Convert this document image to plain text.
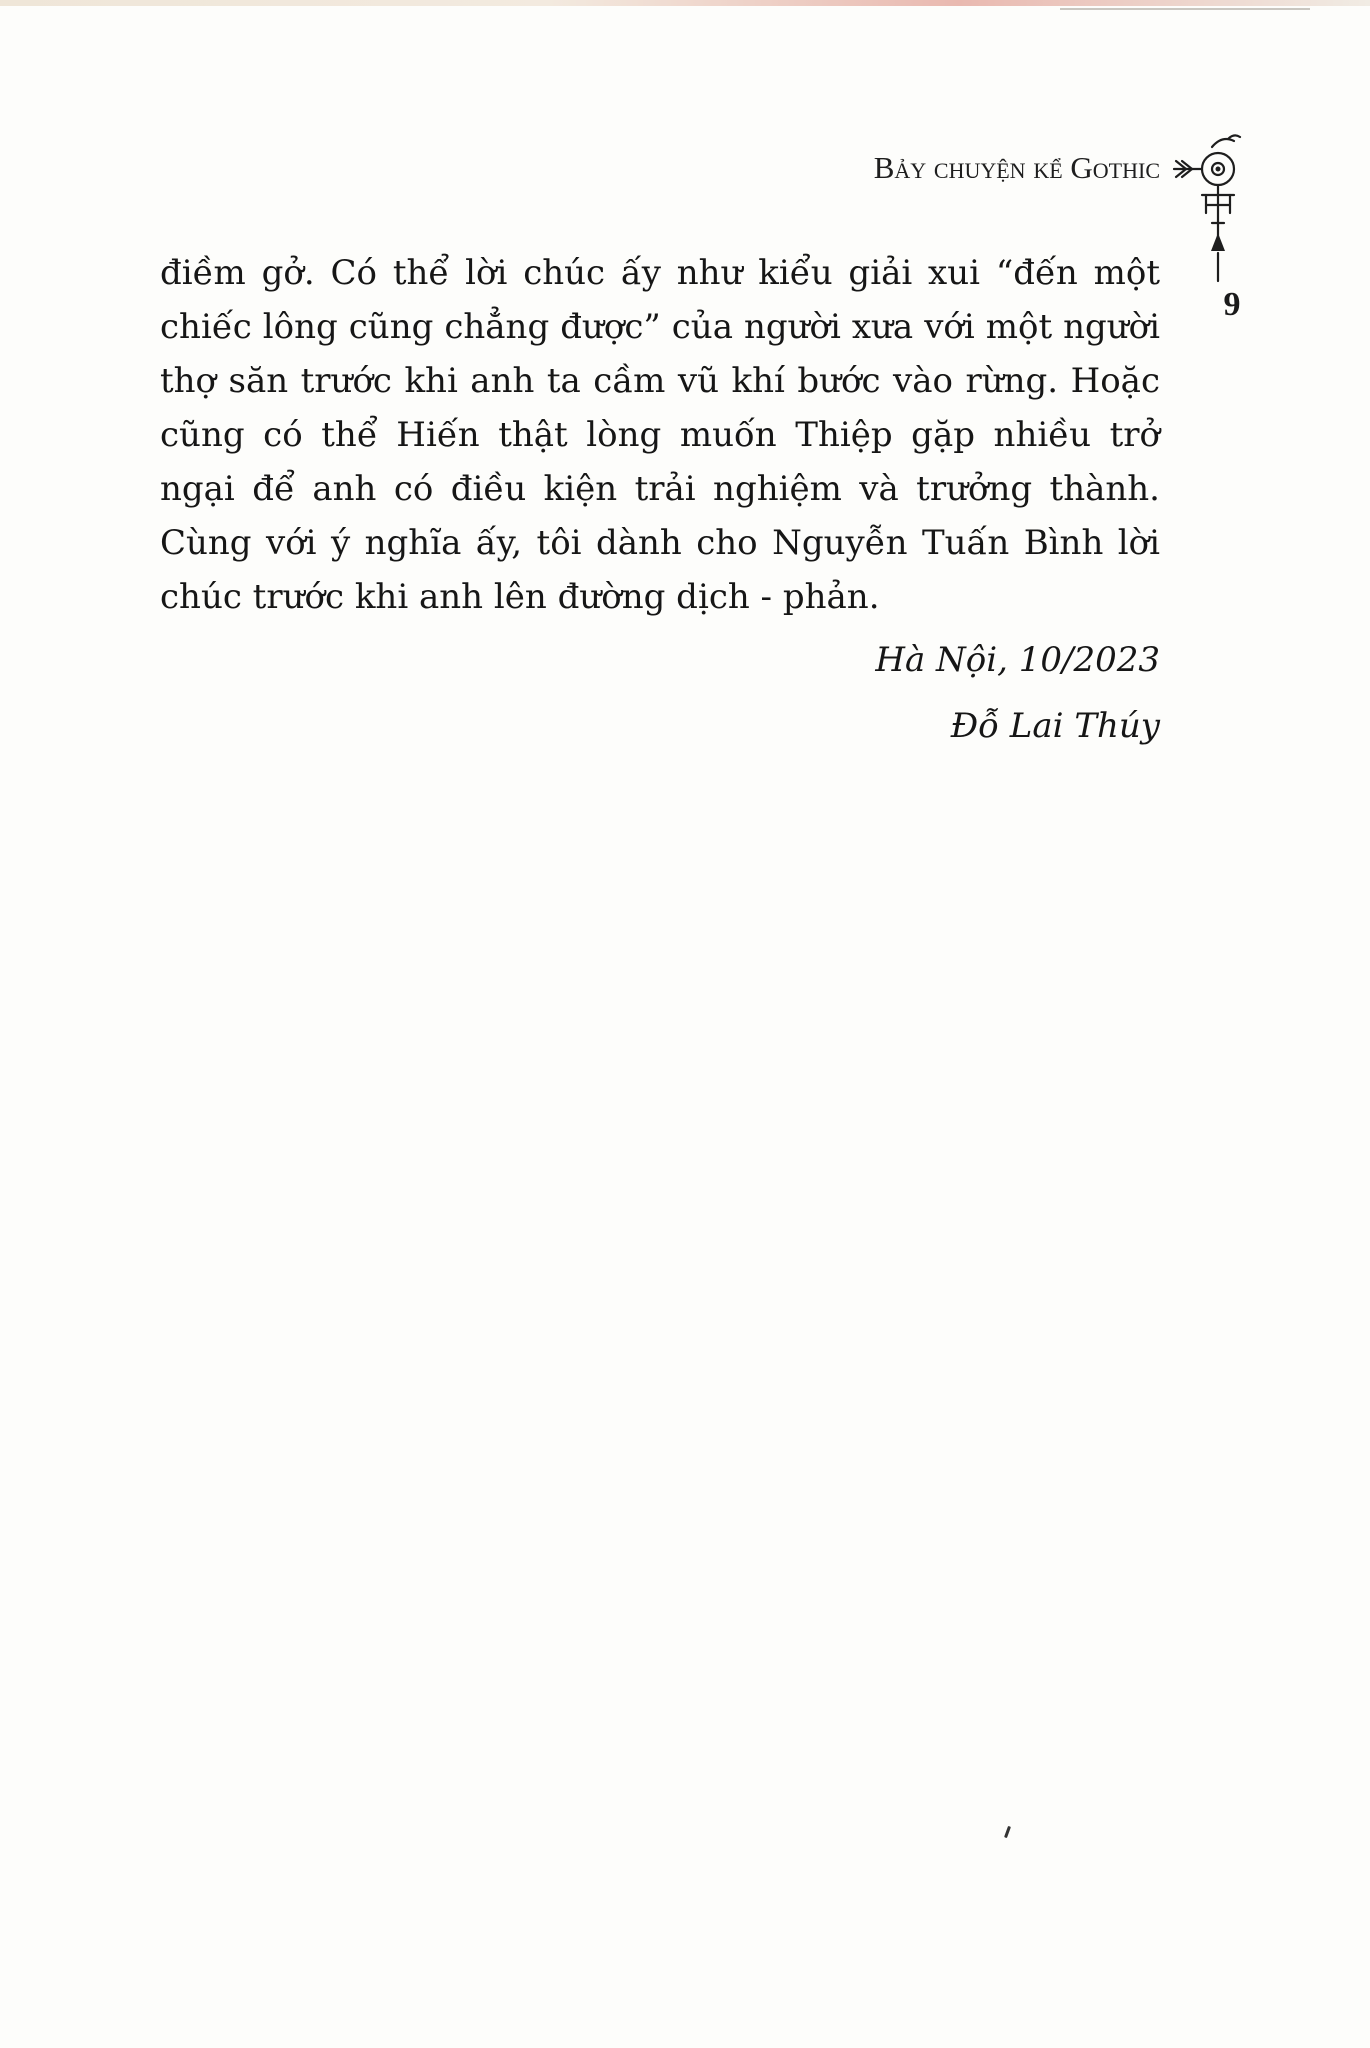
Bảy chuyện kể Gothic
9

điềm gở. Có thể lời chúc ấy như kiểu giải xui “đến một chiếc lông cũng chẳng được” của người xưa với một người thợ săn trước khi anh ta cầm vũ khí bước vào rừng. Hoặc cũng có thể Hiến thật lòng muốn Thiệp gặp nhiều trở ngại để anh có điều kiện trải nghiệm và trưởng thành. Cùng với ý nghĩa ấy, tôi dành cho Nguyễn Tuấn Bình lời chúc trước khi anh lên đường dịch - phản.

Hà Nội, 10/2023
Đỗ Lai Thúy
